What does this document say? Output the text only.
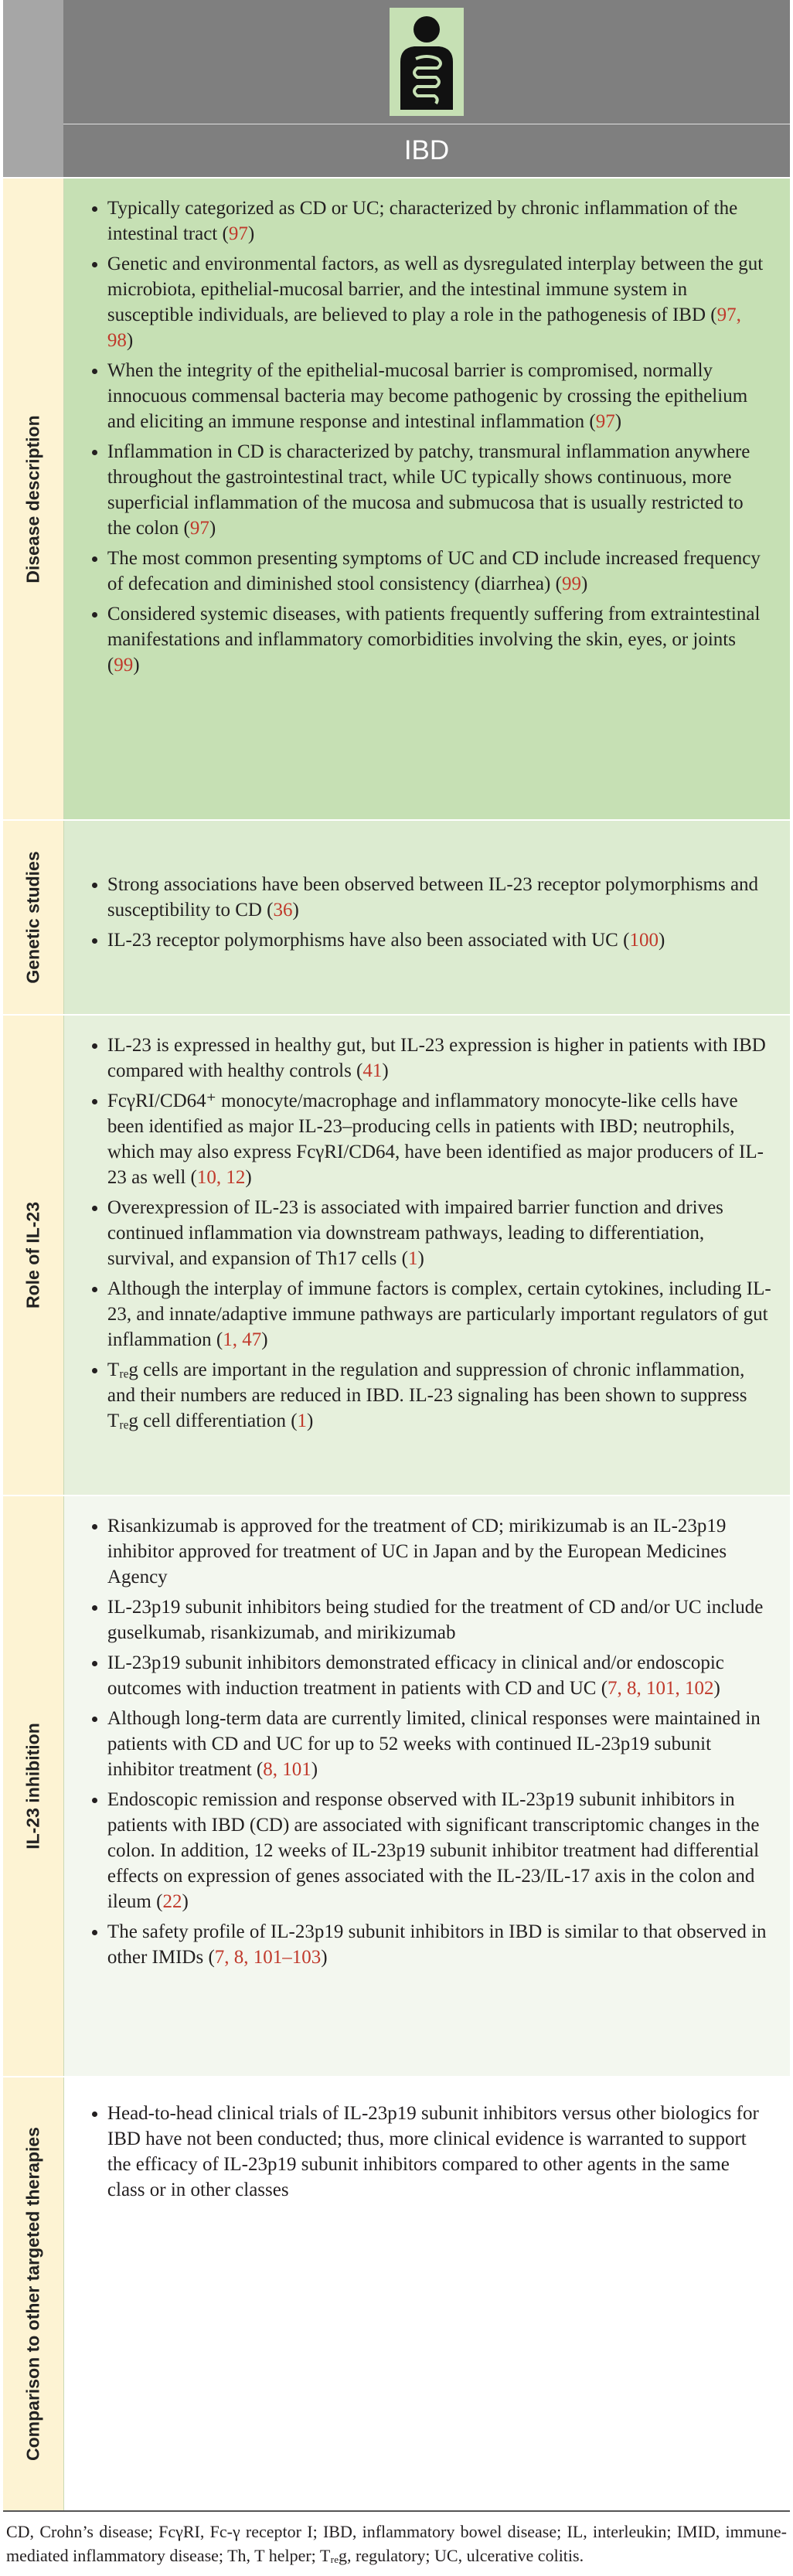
IBD
Disease description
• Typically categorized as CD or UC; characterized by chronic inflammation of the intestinal tract (97)
• Genetic and environmental factors, as well as dysregulated interplay between the gut microbiota, epithelial-mucosal barrier, and the intestinal immune system in susceptible individuals, are believed to play a role in the pathogenesis of IBD (97, 98)
• When the integrity of the epithelial-mucosal barrier is compromised, normally innocuous commensal bacteria may become pathogenic by crossing the epithelium and eliciting an immune response and intestinal inflammation (97)
• Inflammation in CD is characterized by patchy, transmural inflammation anywhere throughout the gastrointestinal tract, while UC typically shows continuous, more superficial inflammation of the mucosa and submucosa that is usually restricted to the colon (97)
• The most common presenting symptoms of UC and CD include increased frequency of defecation and diminished stool consistency (diarrhea) (99)
• Considered systemic diseases, with patients frequently suffering from extraintestinal manifestations and inflammatory comorbidities involving the skin, eyes, or joints (99)
Genetic studies
•	Strong associations have been observed between IL-23 receptor polymorphisms and susceptibility to CD (36)
• IL-23 receptor polymorphisms have also been associated with UC (100)
Role of IL-23
• IL-23 is expressed in healthy gut, but IL-23 expression is higher in patients with IBD compared with healthy controls (41)
• FcγRI/CD64⁺ monocyte/macrophage and inflammatory monocyte-like cells have been identified as major IL-23–producing cells in patients with IBD; neutrophils, which may also express FcγRI/CD64, have been identified as major producers of IL-23 as well (10, 12)
• Overexpression of IL-23 is associated with impaired barrier function and drives continued inflammation via downstream pathways, leading to differentiation, survival, and expansion of Th17 cells (1)
• Although the interplay of immune factors is complex, certain cytokines, including IL-23, and innate/adaptive immune pathways are particularly important regulators of gut inflammation (1, 47)
• Tᵣₑg cells are important in the regulation and suppression of chronic inflammation, and their numbers are reduced in IBD. IL-23 signaling has been shown to suppress Tᵣₑg cell differentiation (1)
IL-23 inhibition
• Risankizumab is approved for the treatment of CD; mirikizumab is an IL-23p19 inhibitor approved for treatment of UC in Japan and by the European Medicines Agency
• IL-23p19 subunit inhibitors being studied for the treatment of CD and/or UC include guselkumab, risankizumab, and mirikizumab
• IL-23p19 subunit inhibitors demonstrated efficacy in clinical and/or endoscopic outcomes with induction treatment in patients with CD and UC (7, 8, 101, 102)
• Although long-term data are currently limited, clinical responses were maintained in patients with CD and UC for up to 52 weeks with continued IL-23p19 subunit inhibitor treatment (8, 101)
• Endoscopic remission and response observed with IL-23p19 subunit inhibitors in patients with IBD (CD) are associated with significant transcriptomic changes in the colon. In addition, 12 weeks of IL-23p19 subunit inhibitor treatment had differential effects on expression of genes associated with the IL-23/IL-17 axis in the colon and ileum (22)
• The safety profile of IL-23p19 subunit inhibitors in IBD is similar to that observed in other IMIDs (7, 8, 101–103)
Comparison to other targeted therapies
• Head-to-head clinical trials of IL-23p19 subunit inhibitors versus other biologics for IBD have not been conducted; thus, more clinical evidence is warranted to support the efficacy of IL-23p19 subunit inhibitors compared to other agents in the same class or in other classes
CD, Crohn’s disease; FcγRI, Fc-γ receptor I; IBD, inflammatory bowel disease; IL, interleukin; IMID, immune-mediated inflammatory disease; Th, T helper; Tᵣₑg, regulatory; UC, ulcerative colitis.
